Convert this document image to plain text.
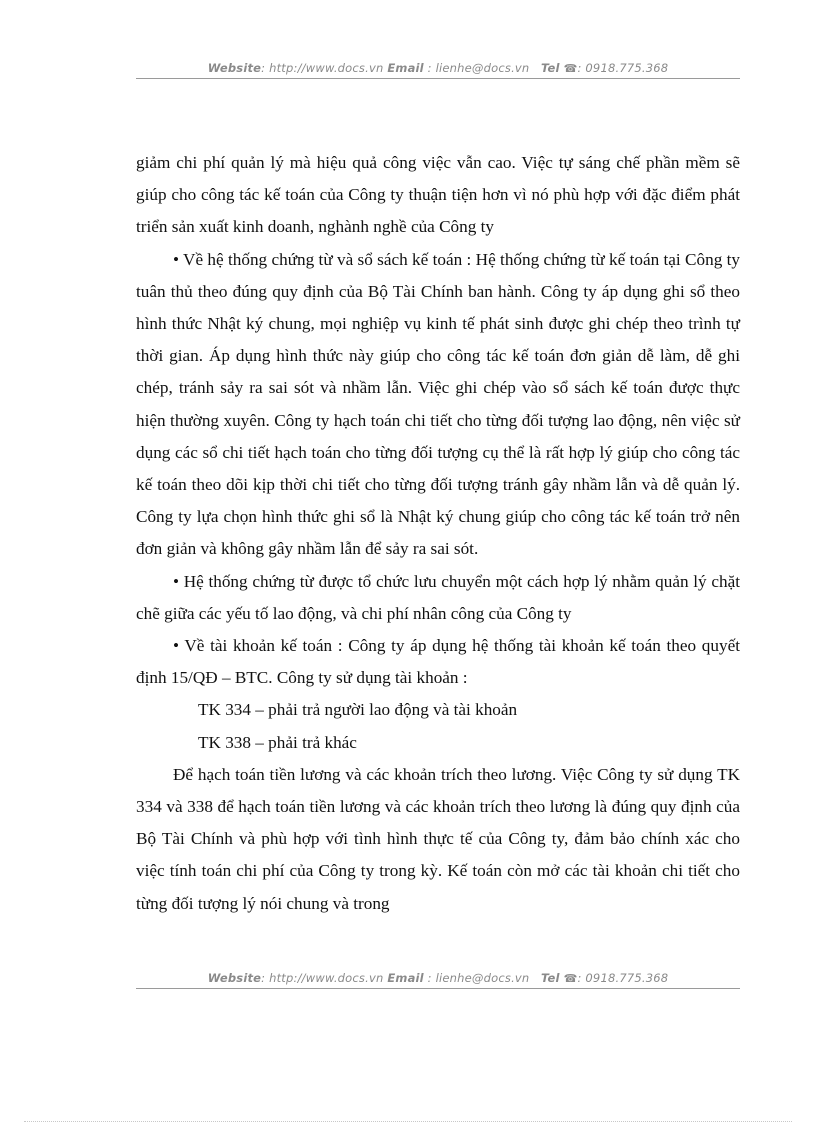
Website: http://www.docs.vn Email : lienhe@docs.vn Tel ☎: 0918.775.368

giảm chi phí quản lý mà hiệu quả công việc vẫn cao. Việc tự sáng chế phần mềm sẽ giúp cho công tác kế toán của Công ty thuận tiện hơn vì nó phù hợp với đặc điểm phát triển sản xuất kinh doanh, nghành nghề của Công ty

• Về hệ thống chứng từ và sổ sách kế toán : Hệ thống chứng từ kế toán tại Công ty tuân thủ theo đúng quy định của Bộ Tài Chính ban hành. Công ty áp dụng ghi sổ theo hình thức Nhật ký chung, mọi nghiệp vụ kinh tế phát sinh được ghi chép theo trình tự thời gian. Áp dụng hình thức này giúp cho công tác kế toán đơn giản dễ làm, dễ ghi chép, tránh sảy ra sai sót và nhầm lẫn. Việc ghi chép vào sổ sách kế toán được thực hiện thường xuyên. Công ty hạch toán chi tiết cho từng đối tượng lao động, nên việc sử dụng các sổ chi tiết hạch toán cho từng đối tượng cụ thể là rất hợp lý giúp cho công tác kế toán theo dõi kịp thời chi tiết cho từng đối tượng tránh gây nhầm lẫn và dễ quản lý. Công ty lựa chọn hình thức ghi sổ là Nhật ký chung giúp cho công tác kế toán trở nên đơn giản và không gây nhầm lẫn để sảy ra sai sót.

• Hệ thống chứng từ được tổ chức lưu chuyển một cách hợp lý nhằm quản lý chặt chẽ giữa các yếu tố lao động, và chi phí nhân công của Công ty

• Về tài khoản kế toán : Công ty áp dụng hệ thống tài khoản kế toán theo quyết định 15/QĐ – BTC. Công ty sử dụng tài khoản :

TK 334 – phải trả người lao động và tài khoản

TK 338 – phải trả khác

Để hạch toán tiền lương và các khoản trích theo lương. Việc Công ty sử dụng TK 334 và 338 để hạch toán tiền lương và các khoản trích theo lương là đúng quy định của Bộ Tài Chính và phù hợp với tình hình thực tế của Công ty, đảm bảo chính xác cho việc tính toán chi phí của Công ty trong kỳ. Kế toán còn mở các tài khoản chi tiết cho từng đối tượng lý nói chung và trong

Website: http://www.docs.vn Email : lienhe@docs.vn Tel ☎: 0918.775.368
